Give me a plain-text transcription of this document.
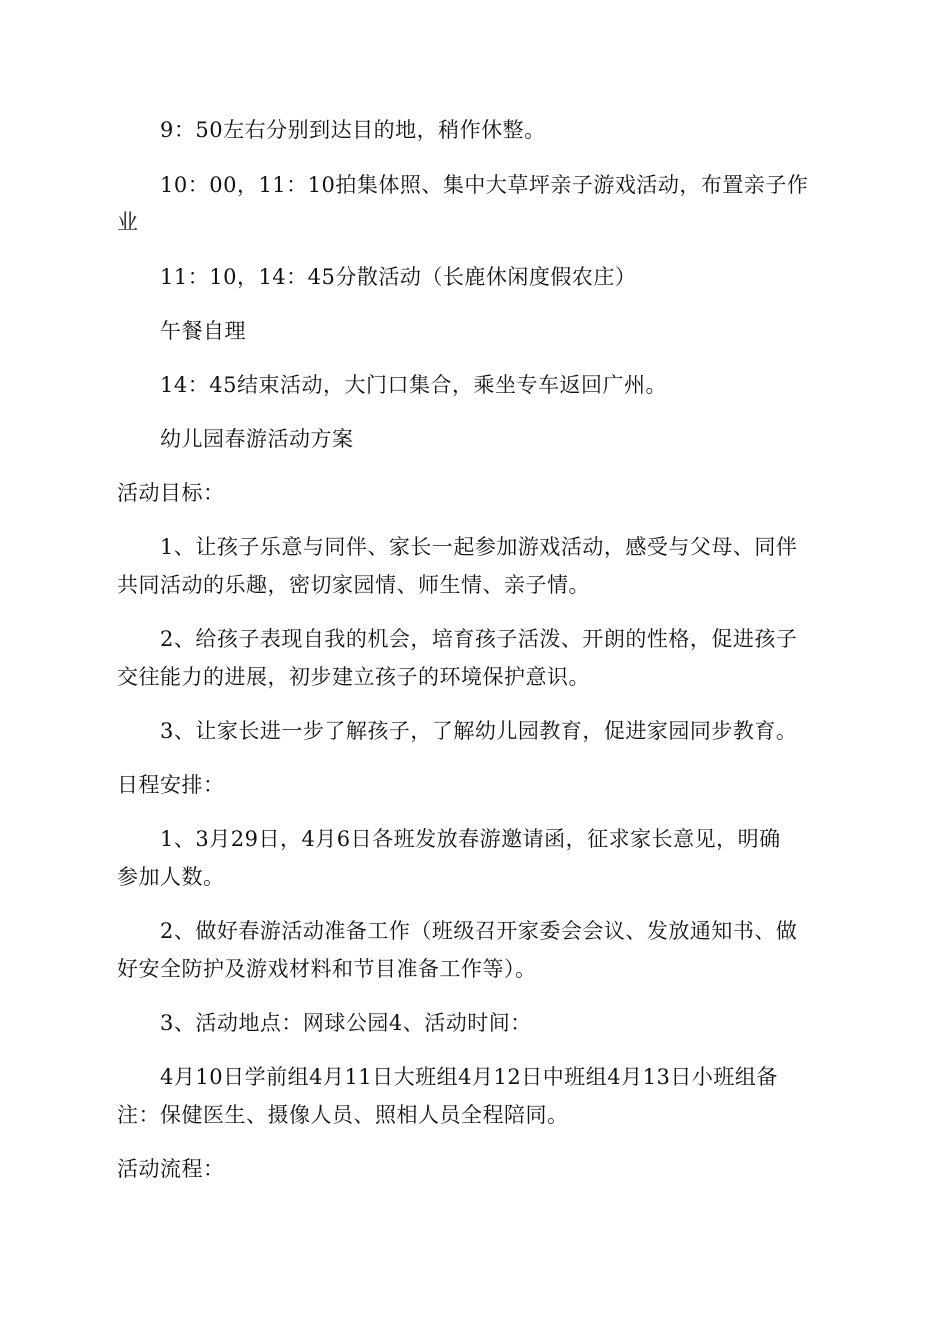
9：50左右分别到达目的地，稍作休整。
10：00，11：10拍集体照、集中大草坪亲子游戏活动，布置亲子作
业
11：10，14：45分散活动（长鹿休闲度假农庄）
午餐自理
14：45结束活动，大门口集合，乘坐专车返回广州。
幼儿园春游活动方案
活动目标：
1、让孩子乐意与同伴、家长一起参加游戏活动，感受与父母、同伴
共同活动的乐趣，密切家园情、师生情、亲子情。
2、给孩子表现自我的机会，培育孩子活泼、开朗的性格，促进孩子
交往能力的进展，初步建立孩子的环境保护意识。
3、让家长进一步了解孩子，了解幼儿园教育，促进家园同步教育。
日程安排：
1、3月29日，4月6日各班发放春游邀请函，征求家长意见，明确
参加人数。
2、做好春游活动准备工作（班级召开家委会会议、发放通知书、做
好安全防护及游戏材料和节目准备工作等）。
3、活动地点：网球公园4、活动时间：
4月10日学前组4月11日大班组4月12日中班组4月13日小班组备
注：保健医生、摄像人员、照相人员全程陪同。
活动流程：
